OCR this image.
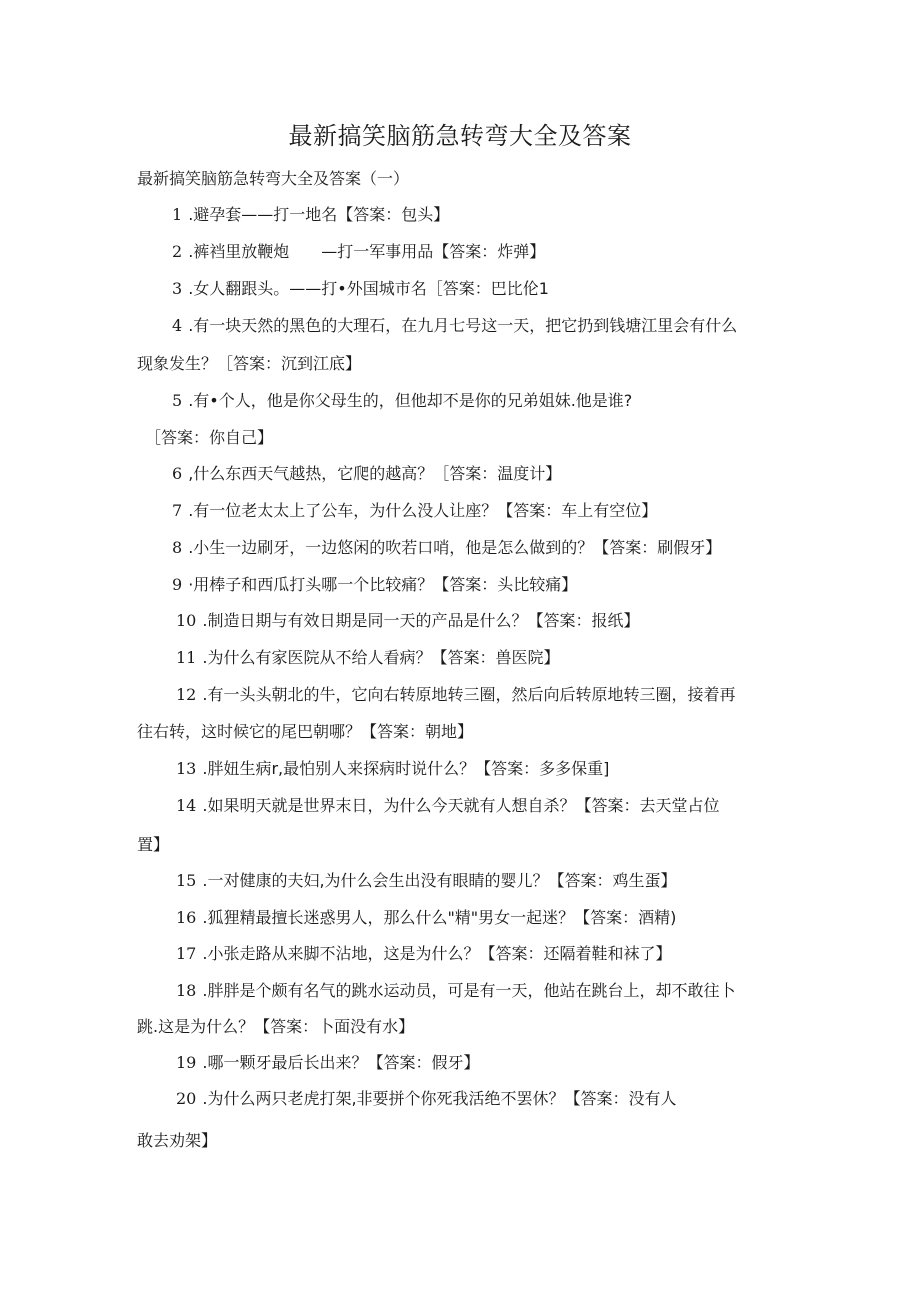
最新搞笑脑筋急转弯大全及答案
最新搞笑脑筋急转弯大全及答案（一）
1 .避孕套——打一地名【答案：包头】
2 .裤裆里放鞭炮　　—打一军事用品【答案：炸弹】
3 .女人翻跟头。——打•外国城市名［答案：巴比伦1
4 .有一块天然的黑色的大理石，在九月七号这一天，把它扔到钱塘江里会有什么
现象发生？［答案：沉到江底】
5 .有•个人，他是你父母生的，但他却不是你的兄弟姐妹.他是谁?
［答案：你自己】
6 ,什么东西天气越热，它爬的越高？［答案：温度计】
7 .有一位老太太上了公车，为什么没人让座？【答案：车上有空位】
8 .小生一边刷牙，一边悠闲的吹若口哨，他是怎么做到的？【答案：刷假牙】
9 ·用棒子和西瓜打头哪一个比较痛？【答案：头比较痛】
10 .制造日期与有效日期是同一天的产品是什么？【答案：报纸】
11 .为什么有家医院从不给人看病？【答案：兽医院】
12 .有一头头朝北的牛，它向右转原地转三圈，然后向后转原地转三圈，接着再
往右转，这时候它的尾巴朝哪？【答案：朝地】
13 .胖妞生病r,最怕别人来探病时说什么？【答案：多多保重]
14 .如果明天就是世界末日，为什么今天就有人想自杀？【答案：去天堂占位
置】
15 .一对健康的夫妇,为什么会生出没有眼睛的婴儿？【答案：鸡生蛋】
16 .狐狸精最擅长迷惑男人，那么什么"精"男女一起迷？【答案：酒精)
17 .小张走路从来脚不沾地，这是为什么？【答案：还隔着鞋和袜了】
18 .胖胖是个颇有名气的跳水运动员，可是有一天，他站在跳台上，却不敢往卜
跳.这是为什么？【答案：卜面没有水】
19 .哪一颗牙最后长出来？【答案：假牙】
20 .为什么两只老虎打架,非要拼个你死我活绝不罢休？【答案：没有人
敢去劝架】
